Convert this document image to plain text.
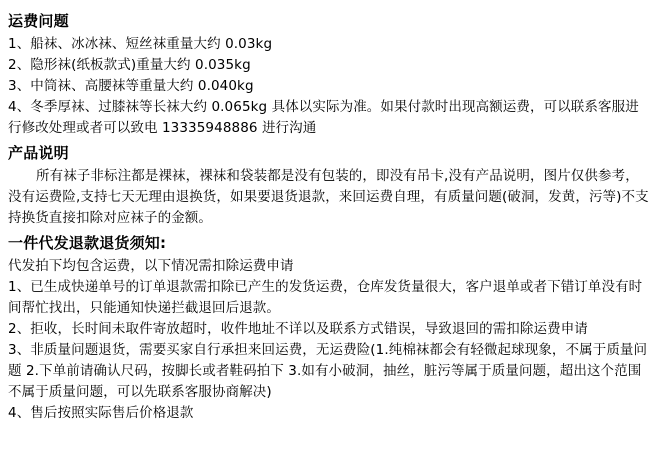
运费问题

1、船袜、冰冰袜、短丝袜重量大约 0.03kg

2、隐形袜(纸板款式)重量大约 0.035kg

3、中筒袜、高腰袜等重量大约 0.040kg

4、冬季厚袜、过膝袜等长袜大约 0.065kg 具体以实际为准。如果付款时出现高额运费，可以联系客服进行修改处理或者可以致电 13335948886 进行沟通

产品说明

所有袜子非标注都是裸袜，裸袜和袋装都是没有包装的，即没有吊卡,没有产品说明，图片仅供参考，没有运费险,支持七天无理由退换货，如果要退货退款，来回运费自理，有质量问题(破洞，发黄，污等)不支持换货直接扣除对应袜子的金额。

一件代发退款退货须知:

代发拍下均包含运费，以下情况需扣除运费申请

1、已生成快递单号的订单退款需扣除已产生的发货运费，仓库发货量很大，客户退单或者下错订单没有时间帮忙找出，只能通知快递拦截退回后退款。

2、拒收，长时间未取件寄放超时，收件地址不详以及联系方式错误，导致退回的需扣除运费申请

3、非质量问题退货，需要买家自行承担来回运费，无运费险(1.纯棉袜都会有轻微起球现象，不属于质量问题 2.下单前请确认尺码，按脚长或者鞋码拍下 3.如有小破洞，抽丝，脏污等属于质量问题，超出这个范围不属于质量问题，可以先联系客服协商解决)

4、售后按照实际售后价格退款
